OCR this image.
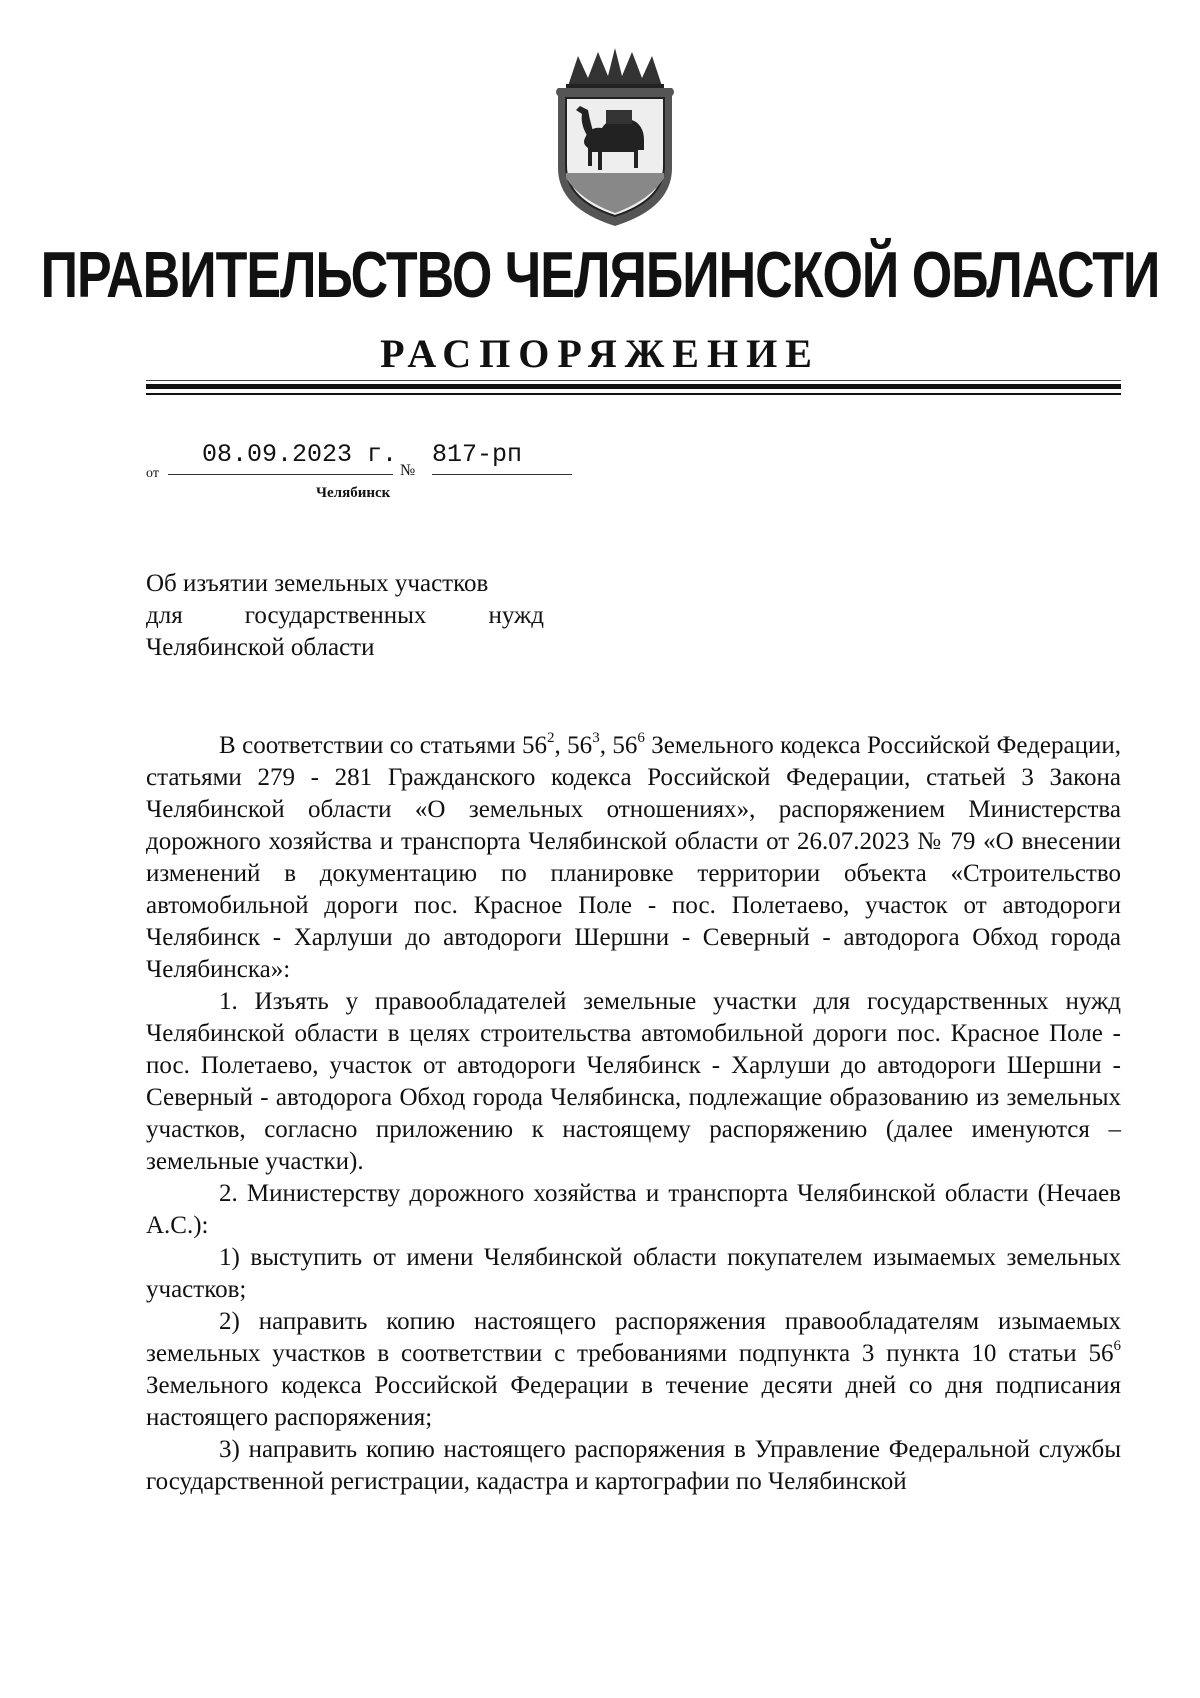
ПРАВИТЕЛЬСТВО ЧЕЛЯБИНСКОЙ ОБЛАСТИ
РАСПОРЯЖЕНИЕ
от
08.09.2023 г.
№
817-рп
Челябинск
Об изъятии земельных участков
для государственных нужд
Челябинской области

В соответствии со статьями $56^2$, $56^3$, $56^6$ Земельного кодекса Российской Федерации, статьями 279 - 281 Гражданского кодекса Российской Федерации, статьей 3 Закона Челябинской области «О земельных отношениях», распоряжением Министерства дорожного хозяйства и транспорта Челябинской области от 26.07.2023 № 79 «О внесении изменений в документацию по планировке территории объекта «Строительство автомобильной дороги пос. Красное Поле - пос. Полетаево, участок от автодороги Челябинск - Харлуши до автодороги Шершни - Северный - автодорога Обход города Челябинска»:

1. Изъять у правообладателей земельные участки для государственных нужд Челябинской области в целях строительства автомобильной дороги пос. Красное Поле - пос. Полетаево, участок от автодороги Челябинск - Харлуши до автодороги Шершни - Северный - автодорога Обход города Челябинска, подлежащие образованию из земельных участков, согласно приложению к настоящему распоряжению (далее именуются – земельные участки).

2. Министерству дорожного хозяйства и транспорта Челябинской области (Нечаев А.С.):

1) выступить от имени Челябинской области покупателем изымаемых земельных участков;

2) направить копию настоящего распоряжения правообладателям изымаемых земельных участков в соответствии с требованиями подпункта 3 пункта 10 статьи $56^6$ Земельного кодекса Российской Федерации в течение десяти дней со дня подписания настоящего распоряжения;

3) направить копию настоящего распоряжения в Управление Федеральной службы государственной регистрации, кадастра и картографии по Челябинской
